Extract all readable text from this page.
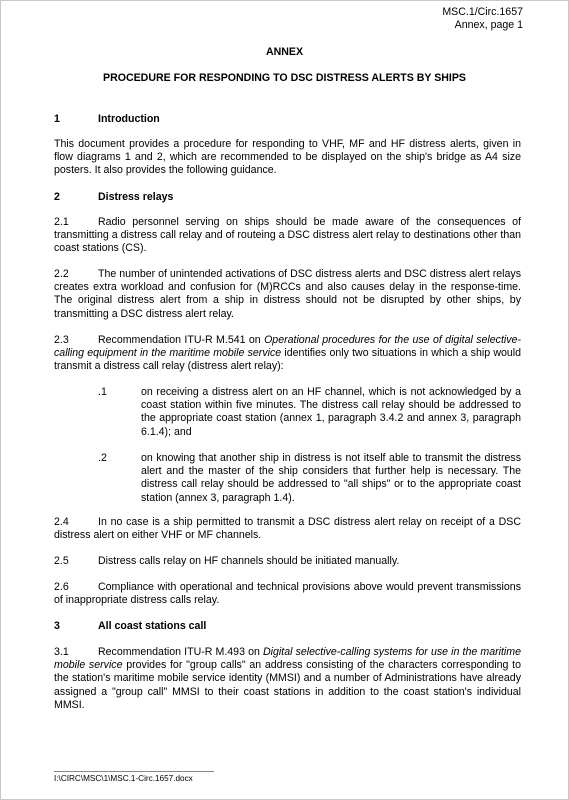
MSC.1/Circ.1657
Annex, page 1
ANNEX
PROCEDURE FOR RESPONDING TO DSC DISTRESS ALERTS BY SHIPS
1	Introduction
This document provides a procedure for responding to VHF, MF and HF distress alerts, given in flow diagrams 1 and 2, which are recommended to be displayed on the ship's bridge as A4 size posters. It also provides the following guidance.
2	Distress relays
2.1	Radio personnel serving on ships should be made aware of the consequences of transmitting a distress call relay and of routeing a DSC distress alert relay to destinations other than coast stations (CS).
2.2	The number of unintended activations of DSC distress alerts and DSC distress alert relays creates extra workload and confusion for (M)RCCs and also causes delay in the response-time. The original distress alert from a ship in distress should not be disrupted by other ships, by transmitting a DSC distress alert relay.
2.3	Recommendation ITU-R M.541 on Operational procedures for the use of digital selective-calling equipment in the maritime mobile service identifies only two situations in which a ship would transmit a distress call relay (distress alert relay):
.1	on receiving a distress alert on an HF channel, which is not acknowledged by a coast station within five minutes. The distress call relay should be addressed to the appropriate coast station (annex 1, paragraph 3.4.2 and annex 3, paragraph 6.1.4); and
.2	on knowing that another ship in distress is not itself able to transmit the distress alert and the master of the ship considers that further help is necessary. The distress call relay should be addressed to "all ships" or to the appropriate coast station (annex 3, paragraph 1.4).
2.4	In no case is a ship permitted to transmit a DSC distress alert relay on receipt of a DSC distress alert on either VHF or MF channels.
2.5	Distress calls relay on HF channels should be initiated manually.
2.6	Compliance with operational and technical provisions above would prevent transmissions of inappropriate distress calls relay.
3	All coast stations call
3.1	Recommendation ITU-R M.493 on Digital selective-calling systems for use in the maritime mobile service provides for "group calls" an address consisting of the characters corresponding to the station's maritime mobile service identity (MMSI) and a number of Administrations have already assigned a "group call" MMSI to their coast stations in addition to the coast station's individual MMSI.
I:\CIRC\MSC\1\MSC.1-Circ.1657.docx
